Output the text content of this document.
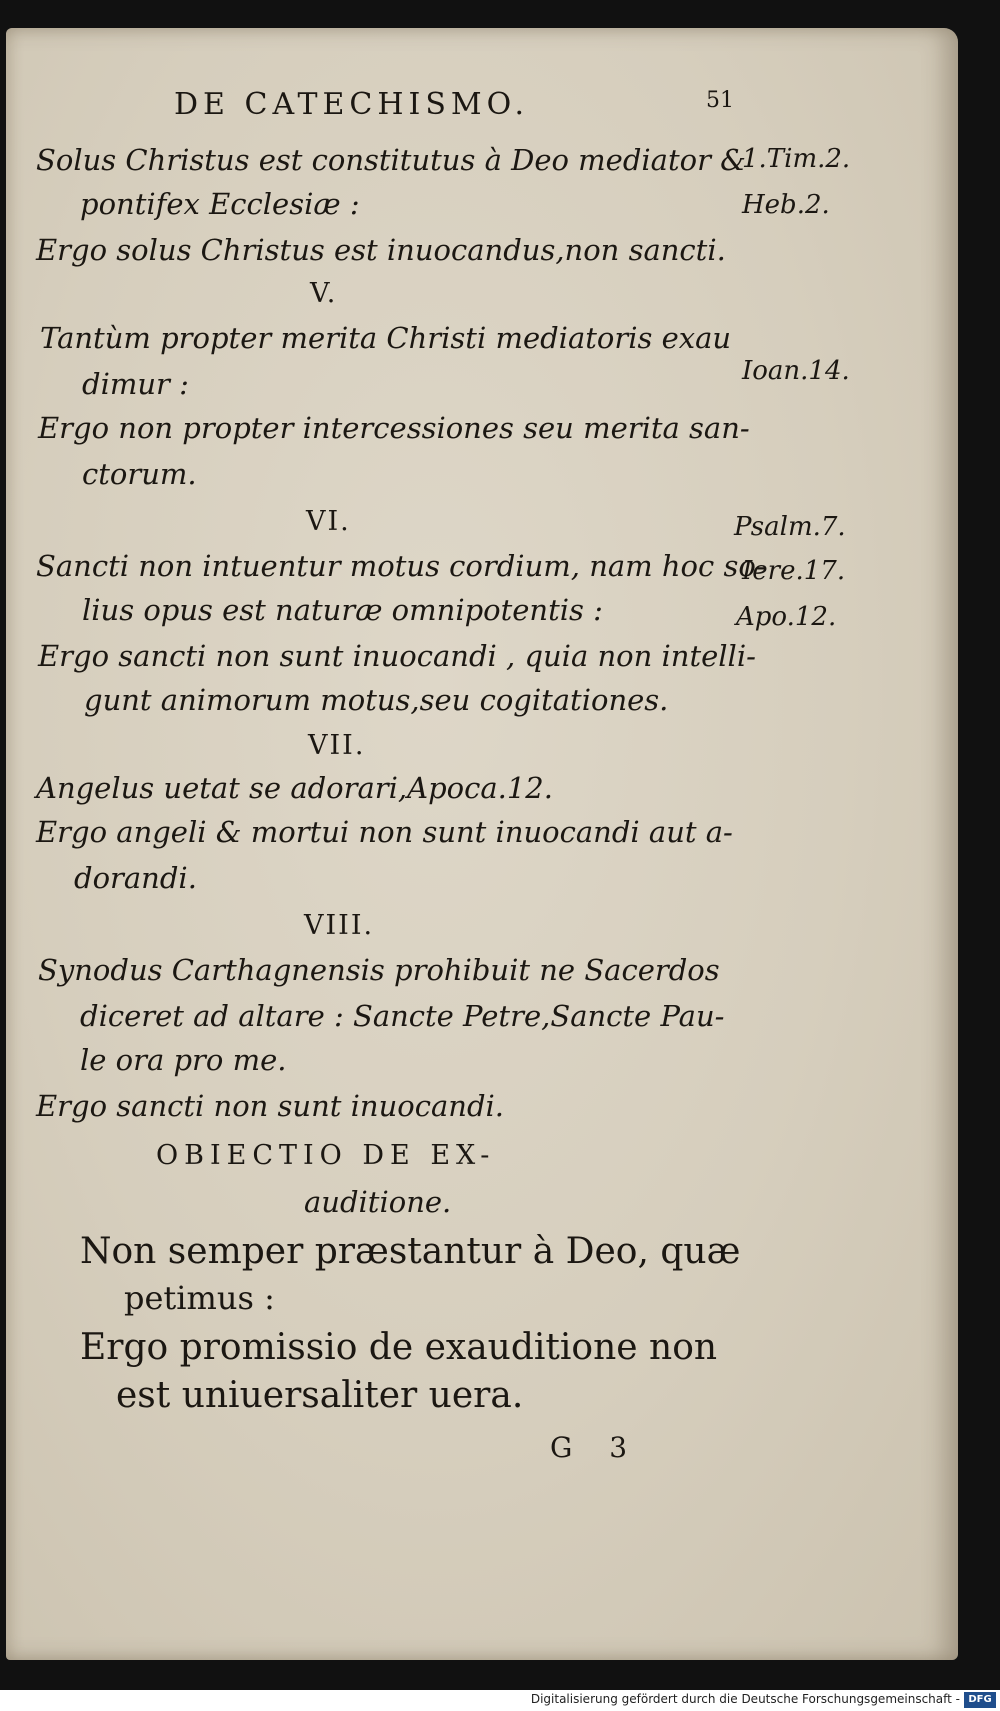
DE CATECHISMO.	51
Solus Christus est constitutus à Deo mediator &
pontifex Ecclesiæ :
Ergo solus Christus est inuocandus,non sancti.
V.
Tantùm propter merita Christi mediatoris exau
dimur :
Ergo non propter intercessiones seu merita san-
ctorum.
VI.
Sancti non intuentur motus cordium, nam hoc so-
lius opus est naturæ omnipotentis :
Ergo sancti non sunt inuocandi , quia non intelli-
gunt animorum motus,seu cogitationes.
VII.
Angelus uetat se adorari,Apoca.12.
Ergo angeli & mortui non sunt inuocandi aut a-
dorandi.
VIII.
Synodus Carthagnensis prohibuit ne Sacerdos
diceret ad altare : Sancte Petre,Sancte Pau-
le ora pro me.
Ergo sancti non sunt inuocandi.
OBIECTIO DE EX-
auditione.
Non semper præstantur à Deo, quæ
petimus :
Ergo promissio de exauditione non
est uniuersaliter uera.
G 3
1.Tim.2.
Heb.2.
Ioan.14.
Psalm.7.
Iere.17.
Apo.12.
Digitalisierung gefördert durch die Deutsche Forschungsgemeinschaft - DFG
